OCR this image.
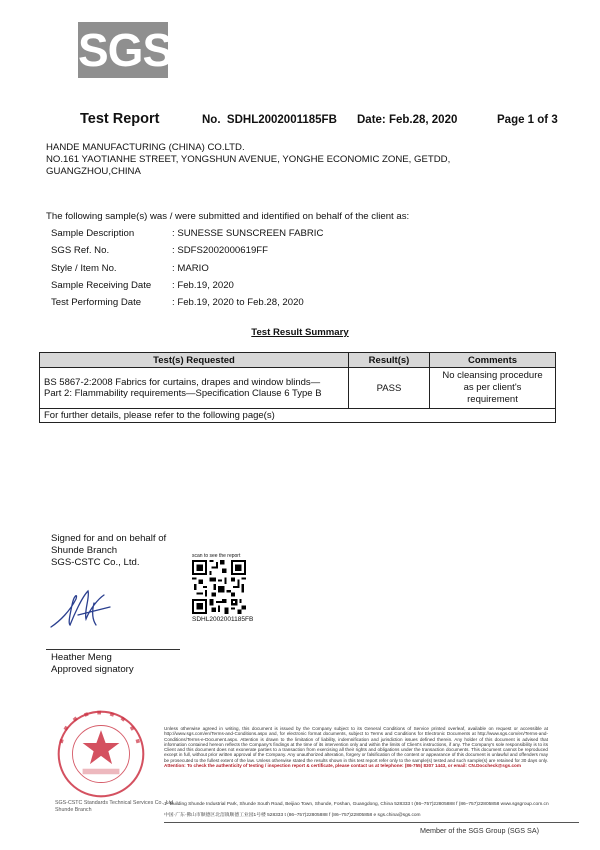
SGS
Test Report	No. SDHL2002001185FB Date: Feb.28, 2020	Page 1 of 3
HANDE MANUFACTURING (CHINA) CO.LTD.
NO.161 YAOTIANHE STREET, YONGSHUN AVENUE, YONGHE ECONOMIC ZONE, GETDD,
GUANGZHOU,CHINA
The following sample(s) was / were submitted and identified on behalf of the client as:
Sample Description	: SUNESSE SUNSCREEN FABRIC
SGS Ref. No.	: SDFS2002000619FF
Style / Item No.	: MARIO
Sample Receiving Date : Feb.19, 2020
Test Performing Date	: Feb.19, 2020 to Feb.28, 2020
Test Result Summary
Test(s) Requested	Result(s)	Comments

BS 5867-2:2008 Fabrics for curtains, drapes and window blinds—
Part 2: Flammability requirements—Specification Clause 6 Type B	PASS	
No cleansing procedure
as per client's
requirement

For further details, please refer to the following page(s)
Signed for and on behalf of
Shunde Branch
SGS-CSTC Co., Ltd.
scan to see the report
SDHL2002001185FB
Heather Meng
Approved signatory
Unless otherwise agreed in writing, this document is issued by the Company subject to its General Conditions of Service printed overleaf, available on request or accessible at http://www.sgs.com/en/Terms-and-Conditions.aspx and, for electronic format documents, subject to Terms and Conditions for Electronic Documents at http://www.sgs.com/en/Terms-and-Conditions/Terms-e-Document.aspx. Attention is drawn to the limitation of liability, indemnification and jurisdiction issues defined therein. Any holder of this document is advised that information contained hereon reflects the Company's findings at the time of its intervention only and within the limits of Client's instructions, if any. The Company's sole responsibility is to its Client and this document does not exonerate parties to a transaction from exercising all their rights and obligations under the transaction documents. This document cannot be reproduced except in full, without prior written approval of the Company. Any unauthorized alteration, forgery or falsification of the content or appearance of this document is unlawful and offenders may be prosecuted to the fullest extent of the law. Unless otherwise stated the results shown in this test report refer only to the sample(s) tested and such sample(s) are retained for 30 days only. Attention: To check the authenticity of testing / inspection report & certificate, please contact us at telephone: (86-755) 8307 1443, or email: CN.Doccheck@sgs.com
SGS-CSTC Standards Technical Services Co., Ltd.
Shunde Branch
1º Building Shunde Industrial Park, Shunde South Road, Beijiao Town, Shunde, Foshan, Guangdong, China 528333 t (86–757)22805888 f (86–757)22805858 www.sgsgroup.com.cn
中国·广东·佛山市顺德区北滘镇顺德工业园1号楼 528333 t (86–757)22805888 f (86–757)22805858 e sgs.china@sgs.com
Member of the SGS Group (SGS SA)
